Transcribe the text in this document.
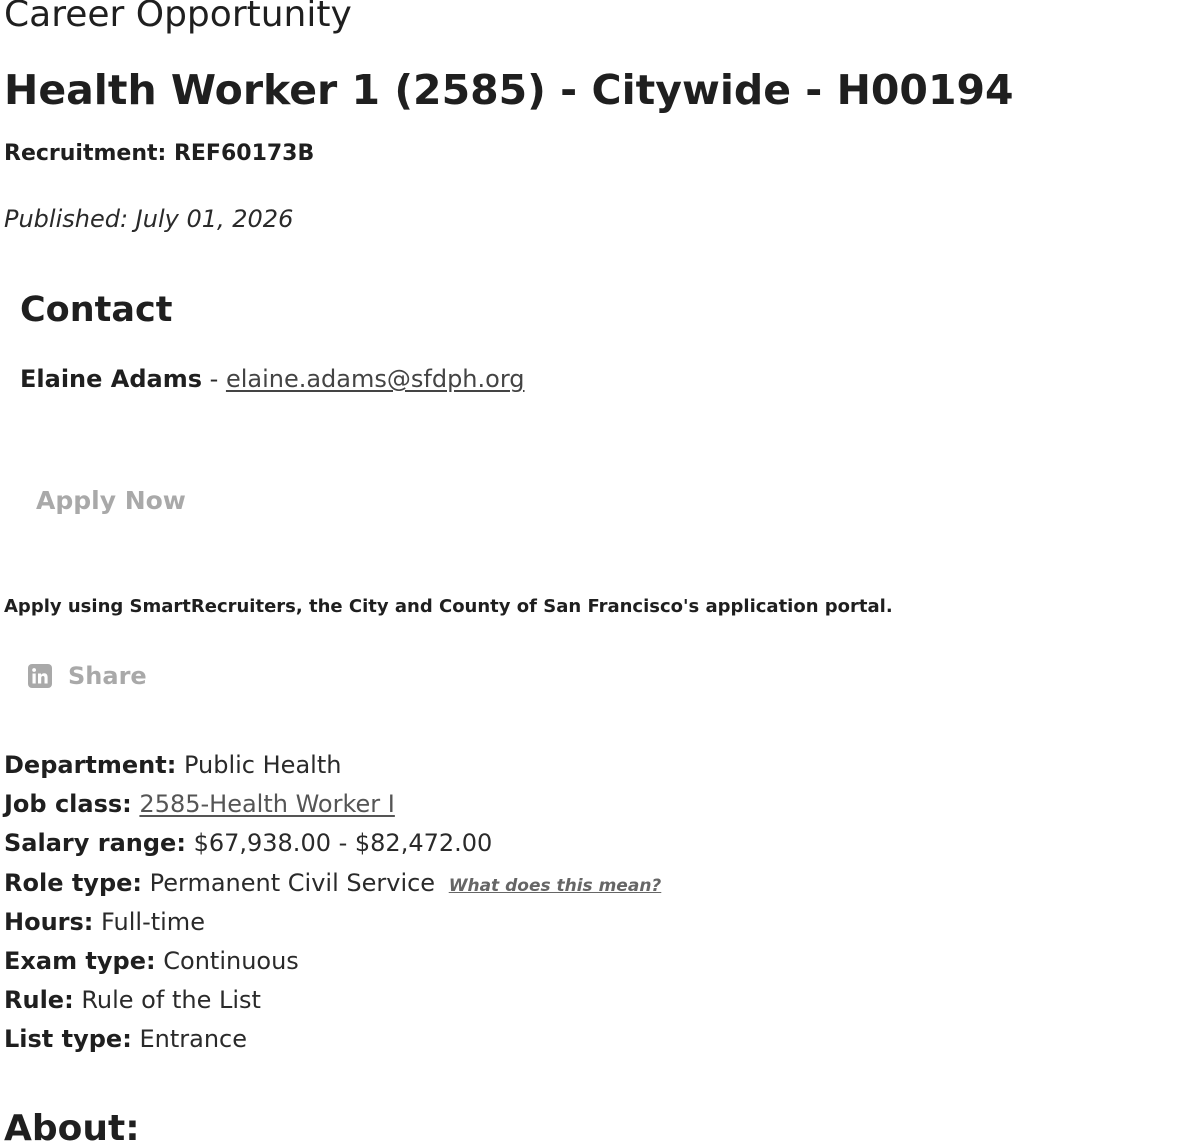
Career Opportunity
Health Worker 1 (2585) - Citywide - H00194
Recruitment: REF60173B
Published: July 01, 2026
Contact
Elaine Adams - elaine.adams@sfdph.org
Apply Now
Apply using SmartRecruiters, the City and County of San Francisco's application portal.
Share
Department: Public Health
Job class: 2585-Health Worker I
Salary range: $67,938.00 - $82,472.00
Role type: Permanent Civil Service What does this mean?
Hours: Full-time
Exam type: Continuous
Rule: Rule of the List
List type: Entrance
About:
